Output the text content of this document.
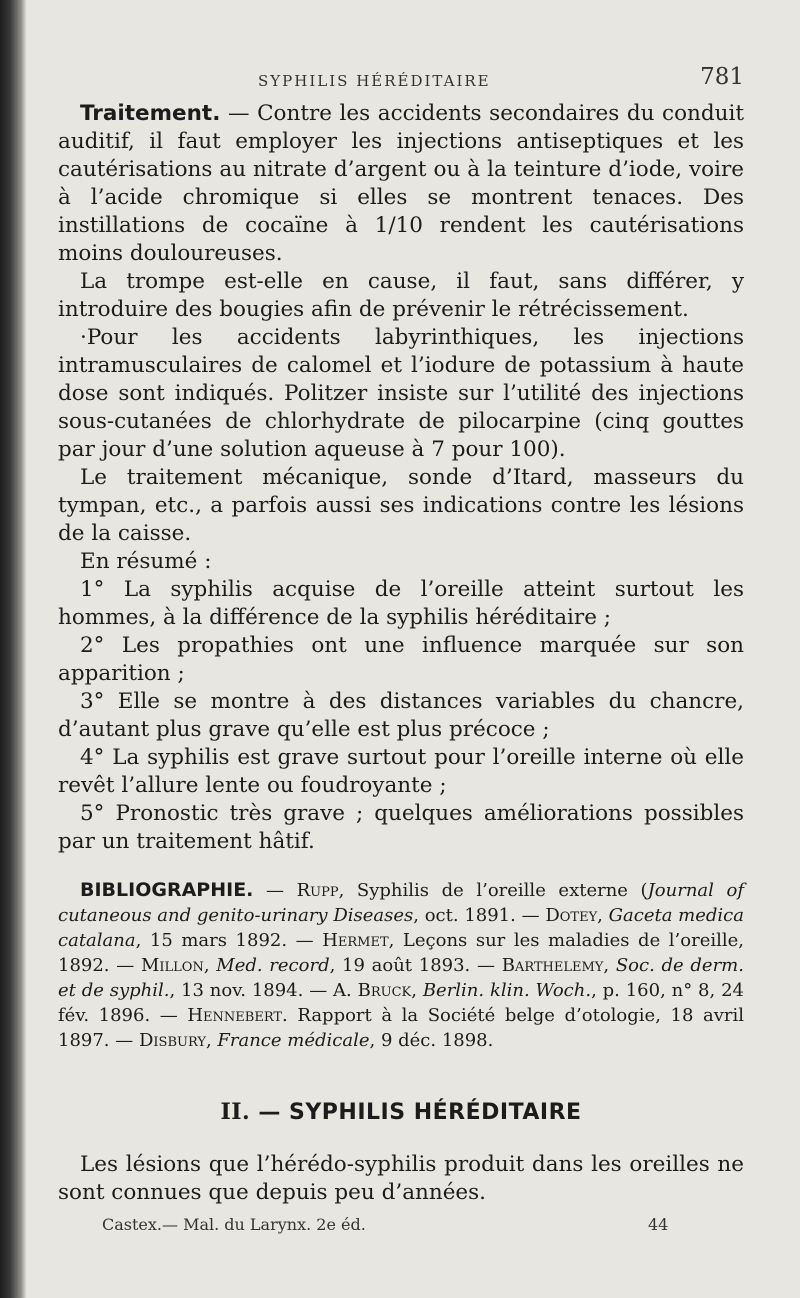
SYPHILIS HÉRÉDITAIRE	781

Traitement. — Contre les accidents secondaires du conduit auditif, il faut employer les injections antiseptiques et les cautérisations au nitrate d’argent ou à la teinture d’iode, voire à l’acide chromique si elles se montrent tenaces. Des instillations de cocaïne à 1/10 rendent les cautérisations moins douloureuses.

La trompe est-elle en cause, il faut, sans différer, y introduire des bougies afin de prévenir le rétrécissement.

·Pour les accidents labyrinthiques, les injections intramusculaires de calomel et l’iodure de potassium à haute dose sont indiqués. Politzer insiste sur l’utilité des injections sous-cutanées de chlorhydrate de pilocarpine (cinq gouttes par jour d’une solution aqueuse à 7 pour 100).

Le traitement mécanique, sonde d’Itard, masseurs du tympan, etc., a parfois aussi ses indications contre les lésions de la caisse.

En résumé :

1° La syphilis acquise de l’oreille atteint surtout les hommes, à la différence de la syphilis héréditaire ;

2° Les propathies ont une influence marquée sur son apparition ;

3° Elle se montre à des distances variables du chancre, d’autant plus grave qu’elle est plus précoce ;

4° La syphilis est grave surtout pour l’oreille interne où elle revêt l’allure lente ou foudroyante ;

5° Pronostic très grave ; quelques améliorations possibles par un traitement hâtif.

BIBLIOGRAPHIE. — Rupp, Syphilis de l’oreille externe (Journal of cutaneous and genito-urinary Diseases, oct. 1891. — Dotey, Gaceta medica catalana, 15 mars 1892. — Hermet, Leçons sur les maladies de l’oreille, 1892. — Millon, Med. record, 19 août 1893. — Barthelemy, Soc. de derm. et de syphil., 13 nov. 1894. — A. Bruck, Berlin. klin. Woch., p. 160, n° 8, 24 fév. 1896. — Hennebert. Rapport à la Société belge d’otologie, 18 avril 1897. — Disbury, France médicale, 9 déc. 1898.

II. — SYPHILIS HÉRÉDITAIRE

Les lésions que l’hérédo-syphilis produit dans les oreilles ne sont connues que depuis peu d’années.

Castex.— Mal. du Larynx. 2e éd.	44
